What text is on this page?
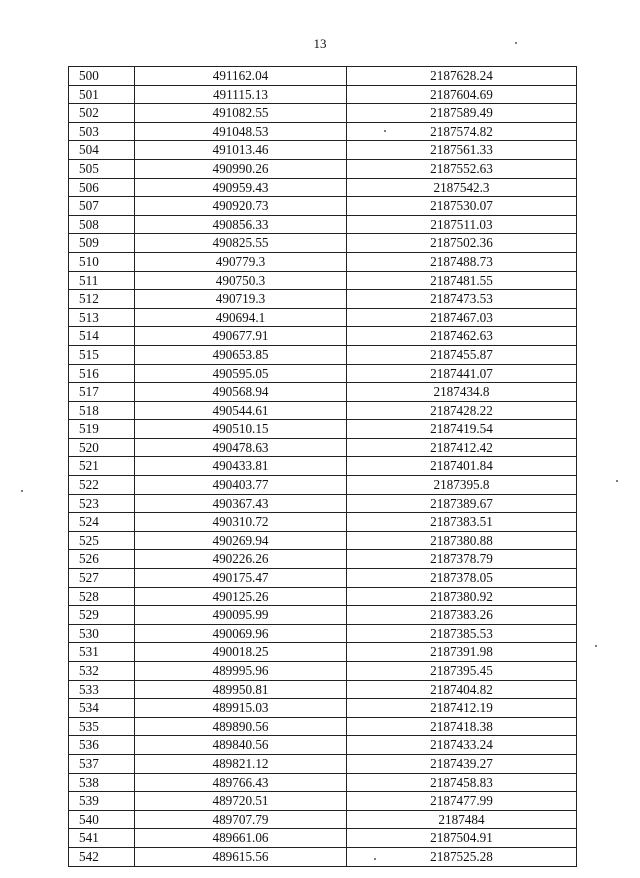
13
500	491162.04	2187628.24
501	491115.13	2187604.69
502	491082.55	2187589.49
503	491048.53	2187574.82
504	491013.46	2187561.33
505	490990.26	2187552.63
506	490959.43	2187542.3
507	490920.73	2187530.07
508	490856.33	2187511.03
509	490825.55	2187502.36
510	490779.3	2187488.73
511	490750.3	2187481.55
512	490719.3	2187473.53
513	490694.1	2187467.03
514	490677.91	2187462.63
515	490653.85	2187455.87
516	490595.05	2187441.07
517	490568.94	2187434.8
518	490544.61	2187428.22
519	490510.15	2187419.54
520	490478.63	2187412.42
521	490433.81	2187401.84
522	490403.77	2187395.8
523	490367.43	2187389.67
524	490310.72	2187383.51
525	490269.94	2187380.88
526	490226.26	2187378.79
527	490175.47	2187378.05
528	490125.26	2187380.92
529	490095.99	2187383.26
530	490069.96	2187385.53
531	490018.25	2187391.98
532	489995.96	2187395.45
533	489950.81	2187404.82
534	489915.03	2187412.19
535	489890.56	2187418.38
536	489840.56	2187433.24
537	489821.12	2187439.27
538	489766.43	2187458.83
539	489720.51	2187477.99
540	489707.79	2187484
541	489661.06	2187504.91
542	489615.56	2187525.28
